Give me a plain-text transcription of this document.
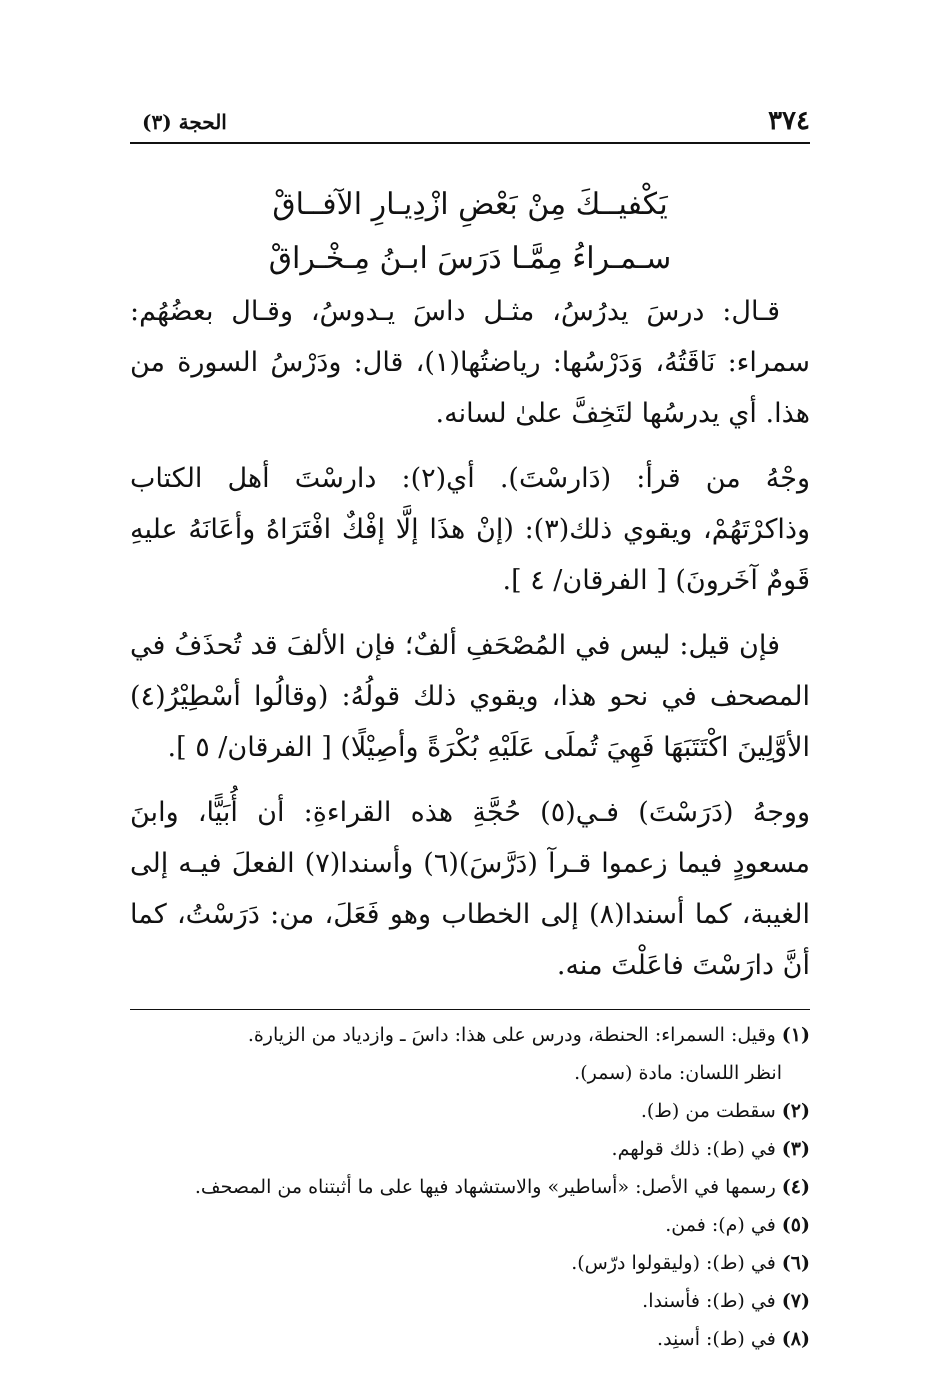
٣٧٤
الحجة (٣)
يَكْفيــكَ مِنْ بَعْضِ ازْدِيـارِ الآفــاقْ
سـمـراءُ مِمَّـا دَرَسَ ابـنُ مِـخْـراقْ

قـال: درسَ يدرُسُ، مثـل داسَ يـدوسُ، وقـال بعضُهُم: سمراء: نَاقَتُهُ، وَدَرْسُها: رياضتُها(١)، قال: ودَرْسُ السورة من هذا. أي يدرسُها لتَخِفَّ علىٰ لسانه.

وجْهُ من قرأ: (دَارسْتَ). أي(٢): دارسْتَ أهل الكتاب وذاكرْتَهُمْ، ويقوي ذلك(٣): (إنْ هذَا إلَّا إفْكٌ افْتَرَاهُ وأعَانَهُ عليهِ قَومٌ آخَرونَ) [ الفرقان/ ٤ ].

فإن قيل: ليس في المُصْحَفِ ألفٌ؛ فإن الألفَ قد تُحذَفُ في المصحف في نحو هذا، ويقوي ذلك قولُهُ: (وقالُوا أسْطِيْرُ(٤) الأوَّلِينَ اكْتَتَبَهَا فَهِيَ تُملَى عَلَيْهِ بُكْرَةً وأصِيْلًا) [ الفرقان/ ٥ ].

ووجهُ (دَرَسْتَ) فـي(٥) حُجَّةِ هذه القراءةِ: أن أُبَيًّا، وابنَ مسعودٍ فيما زعموا قـرآ (دَرَّسَ)(٦) وأسندا(٧) الفعلَ فيـه إلى الغيبة، كما أسندا(٨) إلى الخطاب وهو فَعَلَ، من: دَرَسْتُ، كما أنَّ دارَسْتَ فاعَلْتَ منه.

(١)وقيل: السمراء: الحنطة، ودرس على هذا: داسَ ـ وازدياد من الزيارة.
انظر اللسان: مادة (سمر).
(٢)سقطت من (ط).
(٣)في (ط): ذلك قولهم.
(٤)رسمها في الأصل: «أساطير» والاستشهاد فيها على ما أثبتناه من المصحف.
(٥)في (م): فمن.
(٦)في (ط): (وليقولوا درّس).
(٧)في (ط): فأسندا.
(٨)في (ط): أسنِد.
